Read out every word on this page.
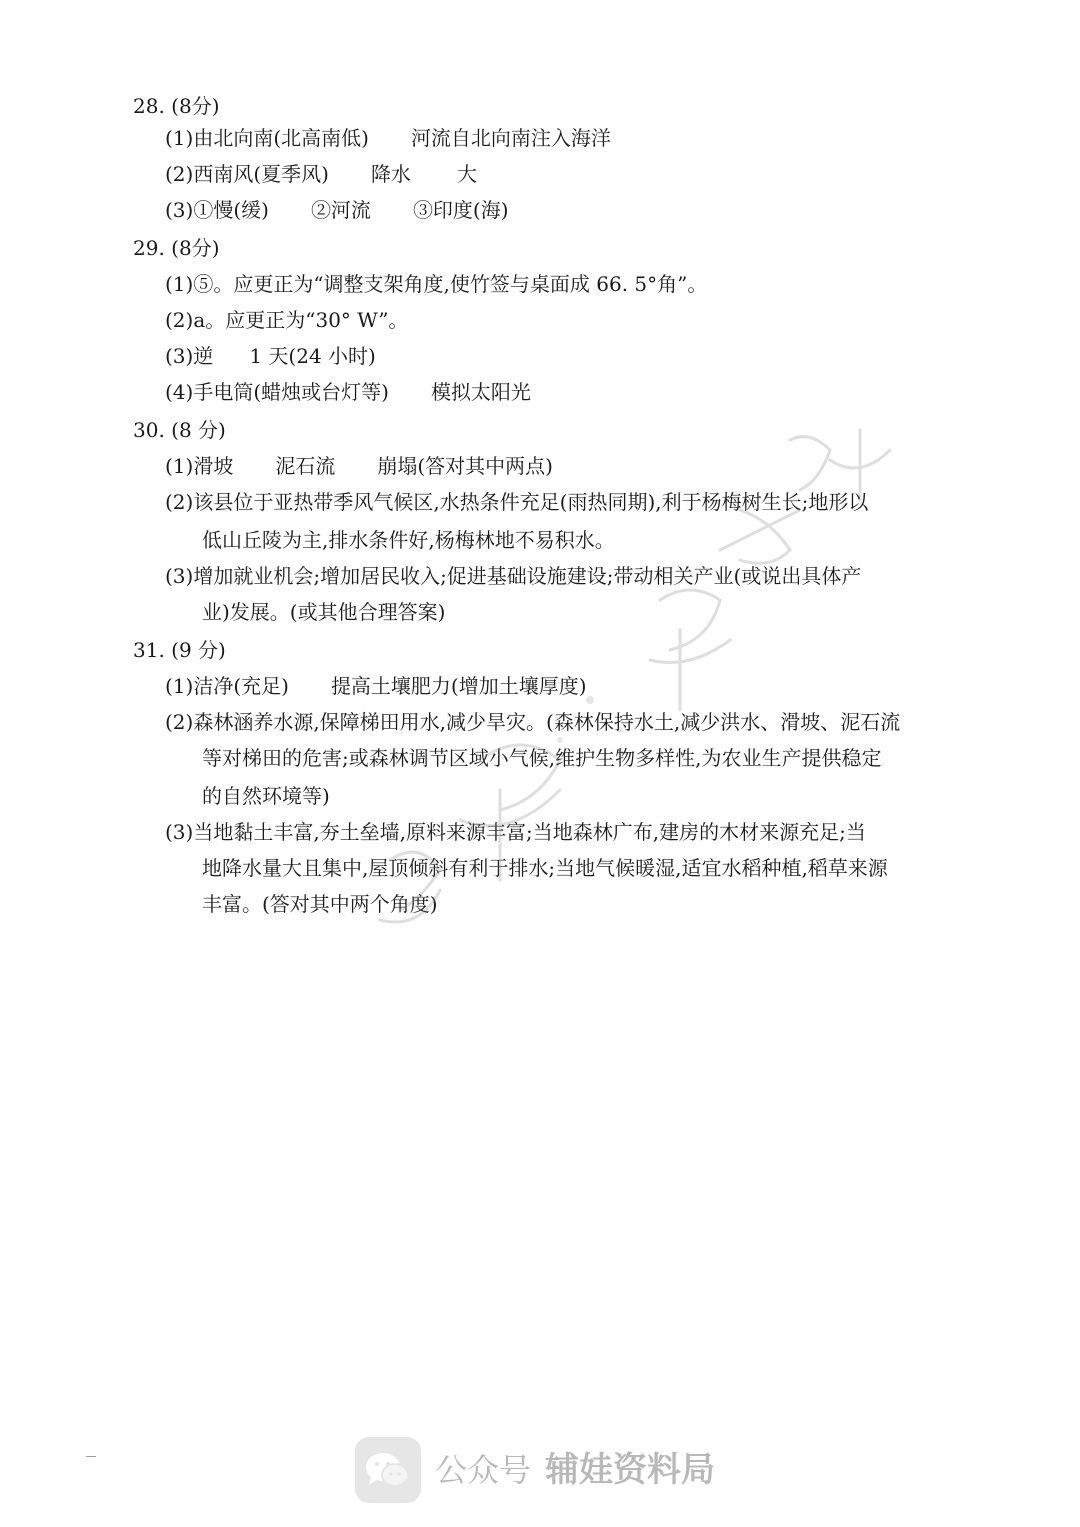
28. (8分)
(1)由北向南(北高南低) 河流自北向南注入海洋
(2)西南风(夏季风) 降水 大
(3)①慢(缓) ②河流 ③印度(海)
29. (8分)
(1)⑤。应更正为“调整支架角度,使竹签与桌面成 66. 5°角”。
(2)a。应更正为“30° W”。
(3)逆 1 天(24 小时)
(4)手电筒(蜡烛或台灯等) 模拟太阳光
30. (8 分)
(1)滑坡 泥石流 崩塌(答对其中两点)
(2)该县位于亚热带季风气候区,水热条件充足(雨热同期),利于杨梅树生长;地形以
低山丘陵为主,排水条件好,杨梅林地不易积水。
(3)增加就业机会;增加居民收入;促进基础设施建设;带动相关产业(或说出具体产
业)发展。(或其他合理答案)
31. (9 分)
(1)洁净(充足) 提高土壤肥力(增加土壤厚度)
(2)森林涵养水源,保障梯田用水,减少旱灾。(森林保持水土,减少洪水、滑坡、泥石流
等对梯田的危害;或森林调节区域小气候,维护生物多样性,为农业生产提供稳定
的自然环境等)
(3)当地黏土丰富,夯土垒墙,原料来源丰富;当地森林广布,建房的木材来源充足;当
地降水量大且集中,屋顶倾斜有利于排水;当地气候暖湿,适宜水稻种植,稻草来源
丰富。(答对其中两个角度)
公众号 辅娃资料局
